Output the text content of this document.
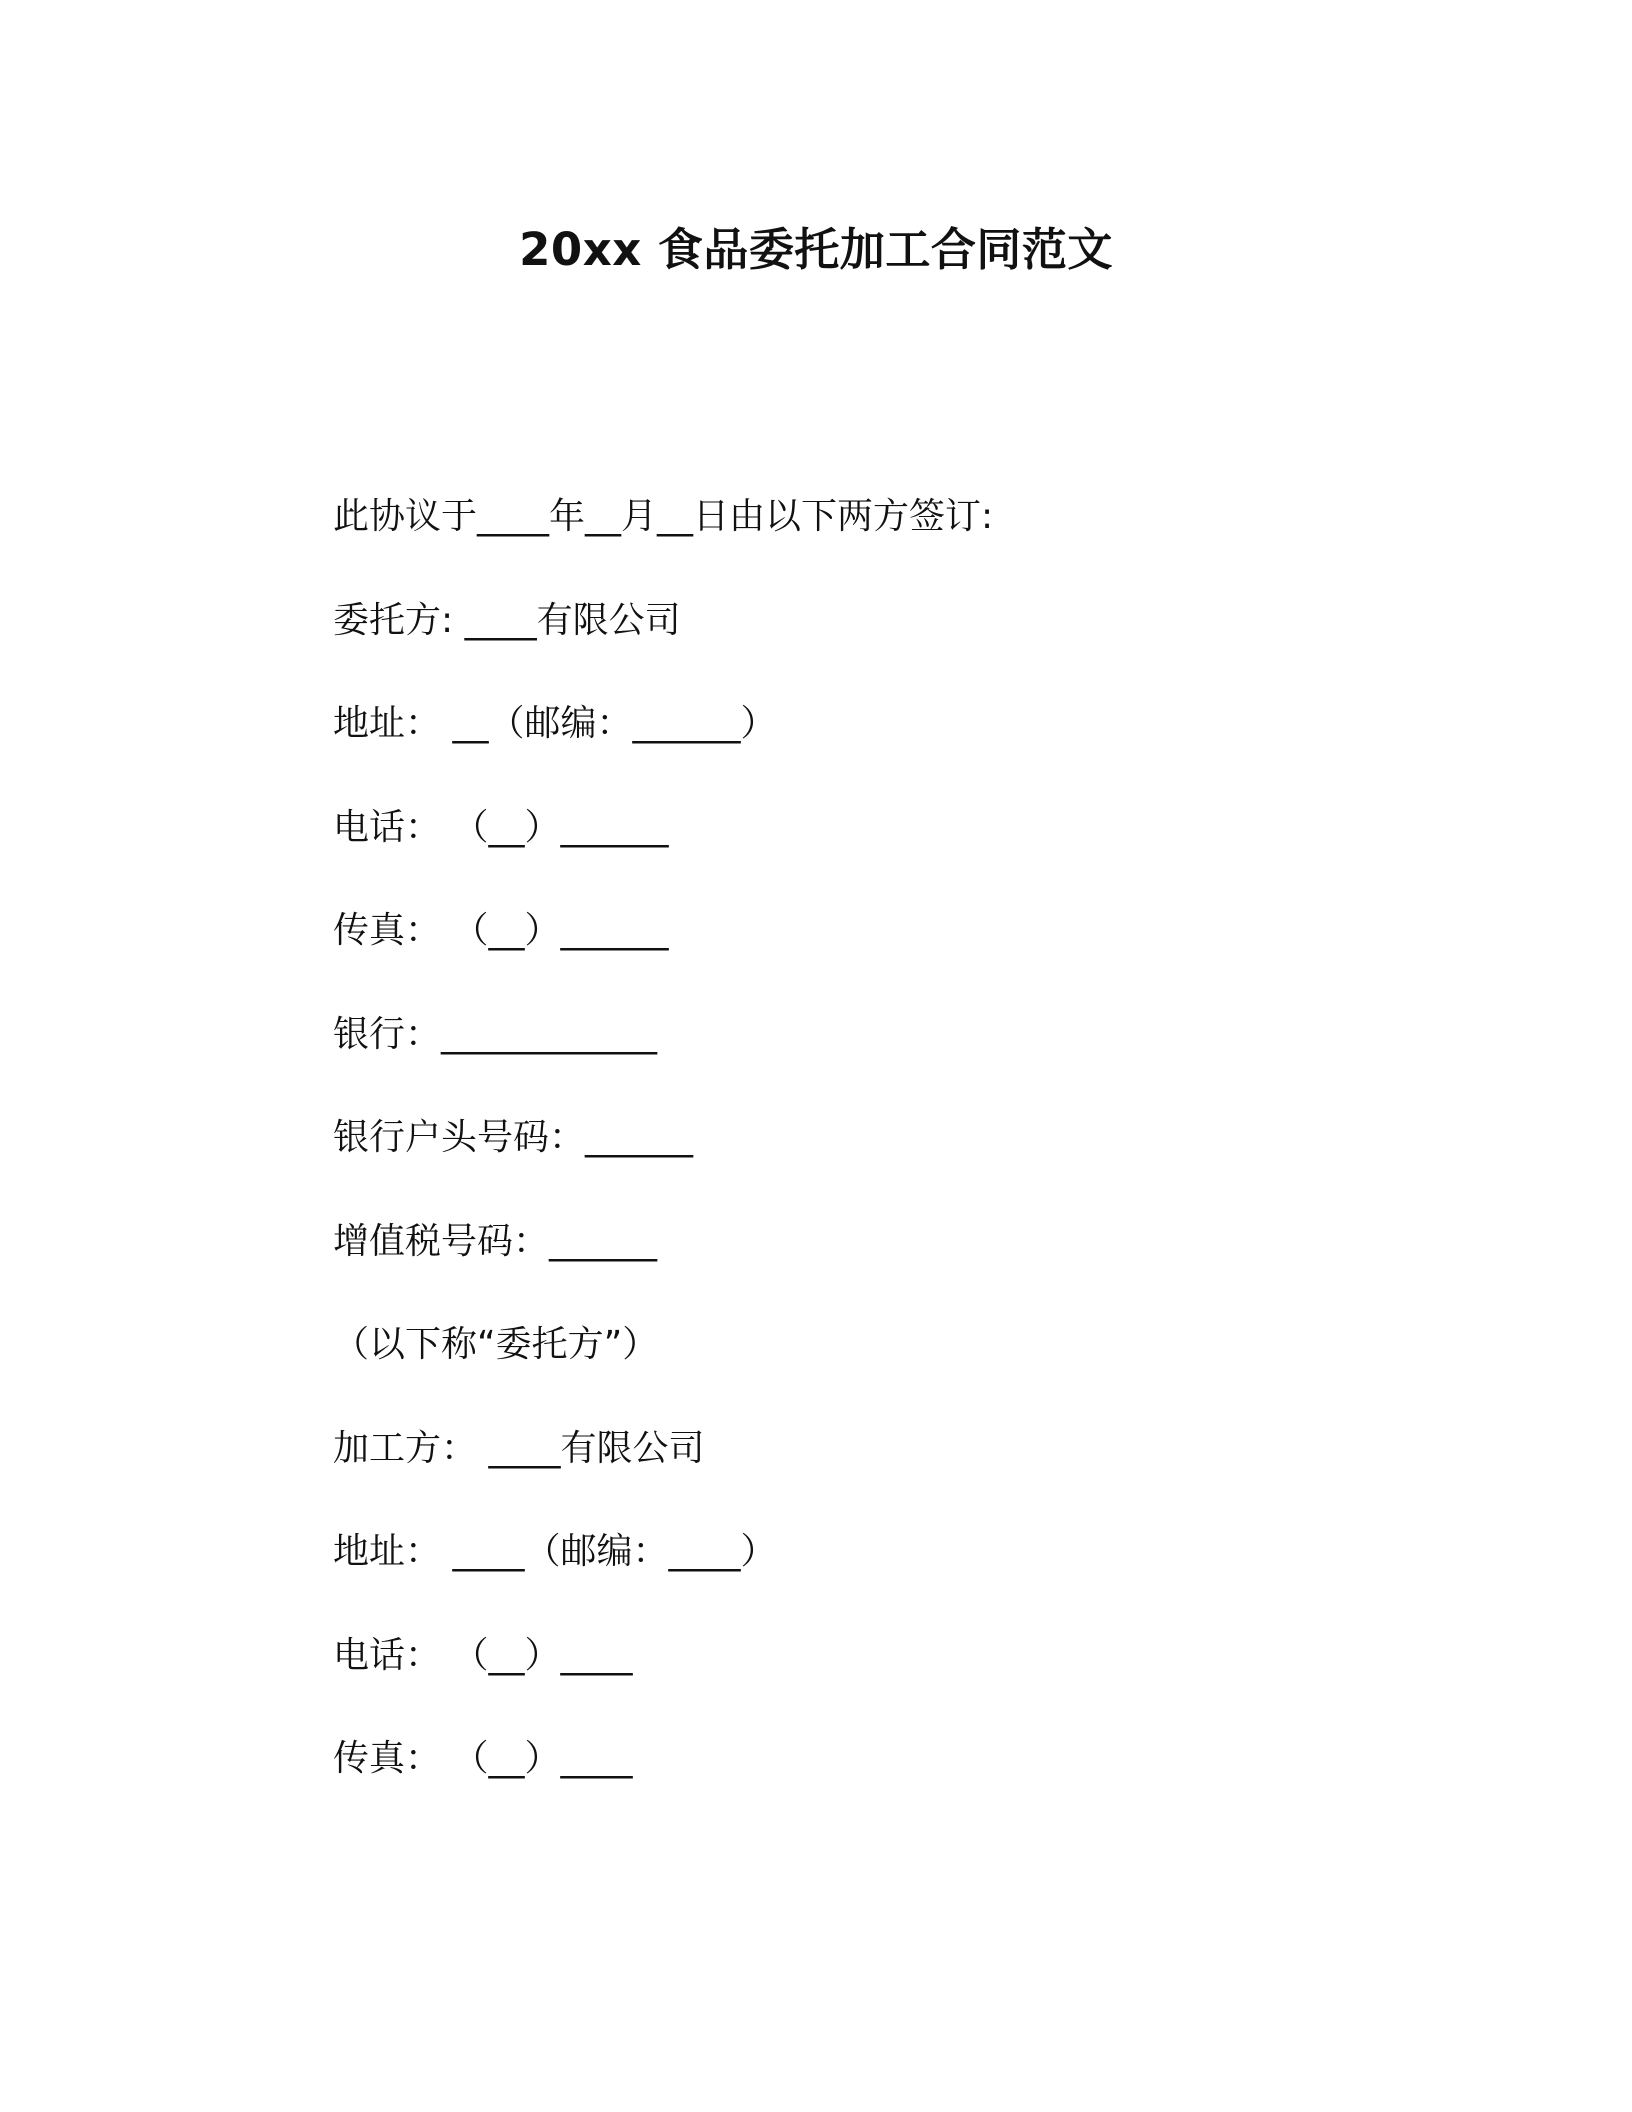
20xx 食品委托加工合同范文
此协议于____年__月__日由以下两方签订:
委托方: ____有限公司
地址： __（邮编：______）
电话： （__）______
传真： （__）______
银行：____________
银行户头号码：______
增值税号码：______
（以下称“委托方”）
加工方： ____有限公司
地址： ____（邮编：____）
电话： （__）____
传真： （__）____
